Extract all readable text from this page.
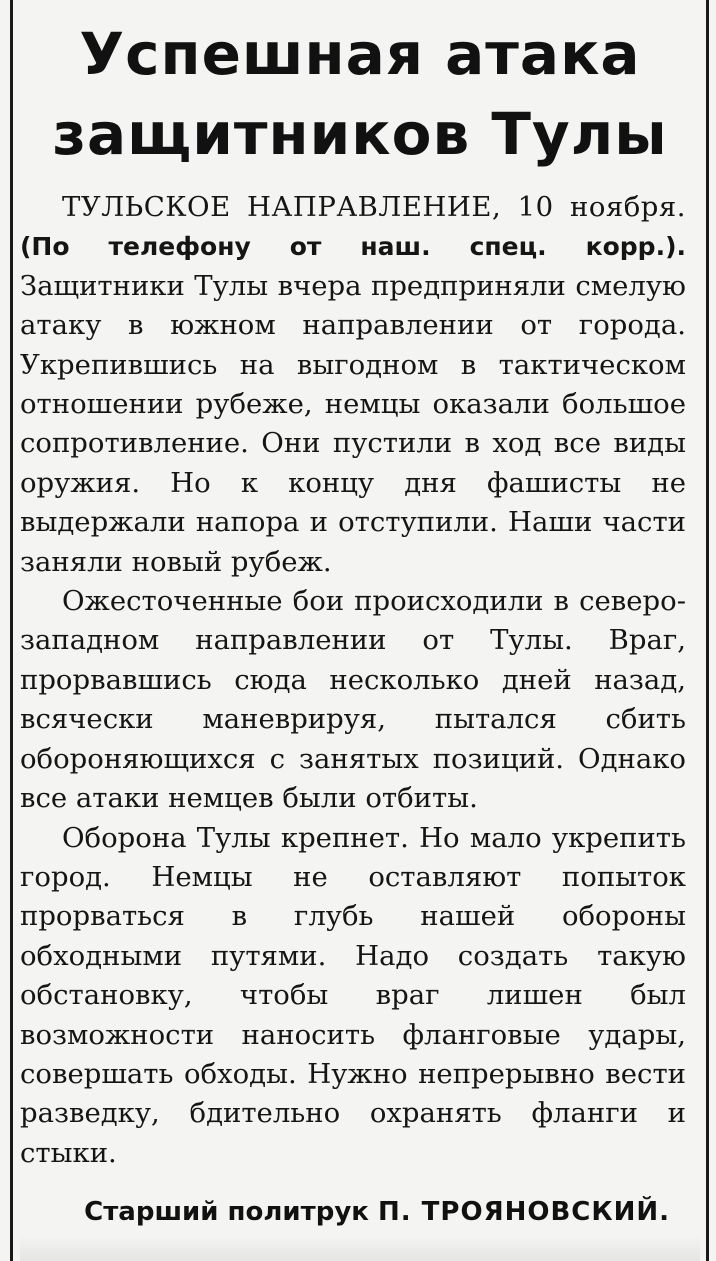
Успешная атака
защитников Тулы

ТУЛЬСКОЕ НАПРАВЛЕНИЕ, 10 ноября. (По телефону от наш. спец. корр.). Защитники Тулы вчера предприняли смелую атаку в южном направлении от города. Укрепившись на выгодном в тактическом отношении рубеже, немцы оказали большое сопротивление. Они пустили в ход все виды оружия. Но к концу дня фашисты не выдержали напора и отступили. Наши части заняли новый рубеж.

Ожесточенные бои происходили в северо-западном направлении от Тулы. Враг, прорвавшись сюда несколько дней назад, всячески маневрируя, пытался сбить обороняющихся с занятых позиций. Однако все атаки немцев были отбиты.

Оборона Тулы крепнет. Но мало укрепить город. Немцы не оставляют попыток прорваться в глубь нашей обороны обходными путями. Надо создать такую обстановку, чтобы враг лишен был возможности наносить фланговые удары, совершать обходы. Нужно непрерывно вести разведку, бдительно охранять фланги и стыки.

Старший политрук П. ТРОЯНОВСКИЙ.
